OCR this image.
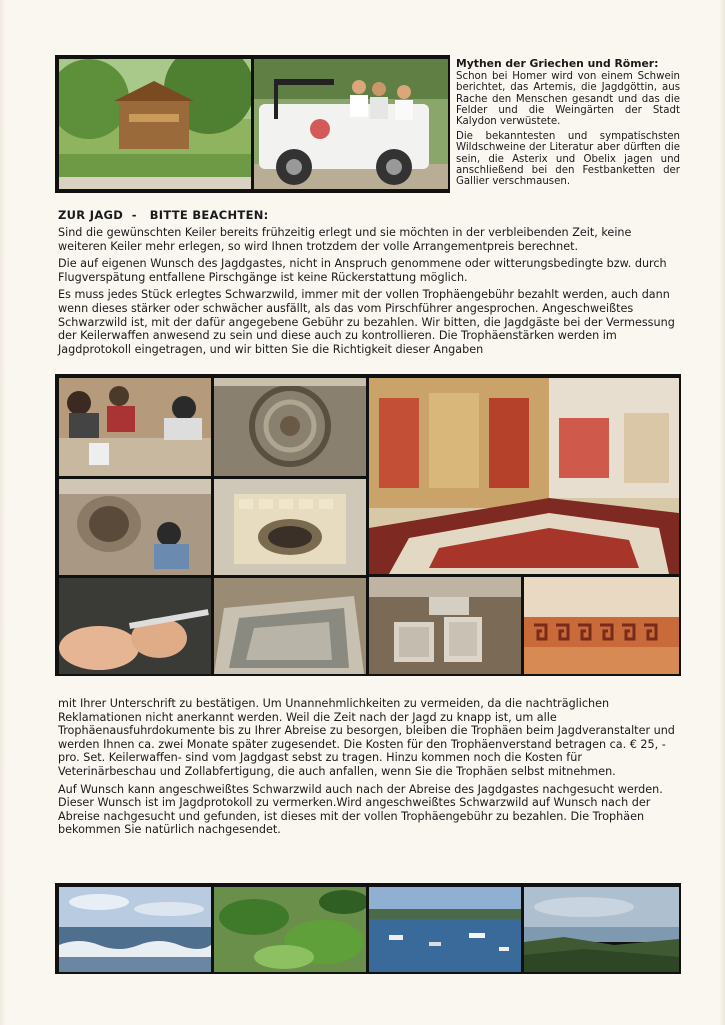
Mythen der Griechen und Römer:

Schon bei Homer wird von einem Schwein berichtet, das Artemis, die Jagdgöttin, aus Rache den Menschen gesandt und das die Felder und die Weingärten der Stadt Kalydon verwüstete.

Die bekanntesten und sympatischsten Wildschweine der Literatur aber dürften die sein, die Asterix und Obelix jagen und anschließend bei den Festbanketten der Gallier verschmausen.

ZUR JAGD  -   BITTE BEACHTEN:

Sind die gewünschten Keiler bereits frühzeitig erlegt und sie möchten in der verbleibenden Zeit, keine weiteren Keiler mehr erlegen, so wird Ihnen trotzdem der volle Arrangementpreis berechnet.

Die auf eigenen Wunsch des Jagdgastes, nicht in Anspruch genommene oder witterungsbedingte bzw. durch Flugverspätung entfallene Pirschgänge ist keine Rückerstattung möglich.

Es muss jedes Stück erlegtes Schwarzwild, immer mit der vollen Trophäengebühr bezahlt werden, auch dann wenn dieses stärker oder schwächer ausfällt, als das vom Pirschführer angesprochen. Angeschweißtes Schwarzwild ist, mit der dafür angegebene Gebühr zu bezahlen. Wir bitten, die Jagdgäste bei der Vermessung der Keilerwaffen anwesend zu sein und diese auch zu kontrollieren. Die Trophäenstärken werden im Jagdprotokoll eingetragen, und wir bitten Sie die Richtigkeit dieser Angaben

mit Ihrer Unterschrift zu bestätigen. Um Unannehmlichkeiten zu vermeiden, da die nachträglichen Reklamationen nicht anerkannt werden. Weil die Zeit nach der Jagd zu knapp ist, um alle Trophäenausfuhrdokumente bis zu Ihrer Abreise zu besorgen, bleiben die Trophäen beim Jagdveranstalter und werden Ihnen ca. zwei Monate später zugesendet. Die Kosten für den Trophäenverstand betragen ca. € 25, - pro. Set. Keilerwaffen- sind vom Jagdgast sebst zu tragen. Hinzu kommen noch die Kosten für Veterinärbeschau und Zollabfertigung, die auch anfallen, wenn Sie die Trophäen selbst mitnehmen.

Auf Wunsch kann angeschweißtes Schwarzwild auch nach der Abreise des Jagdgastes nachgesucht werden. Dieser Wunsch ist im Jagdprotokoll zu vermerken.Wird angeschweißtes Schwarzwild auf Wunsch nach der Abreise nachgesucht und gefunden, ist dieses mit der vollen Trophäengebühr zu bezahlen. Die Trophäen bekommen Sie natürlich nachgesendet.
